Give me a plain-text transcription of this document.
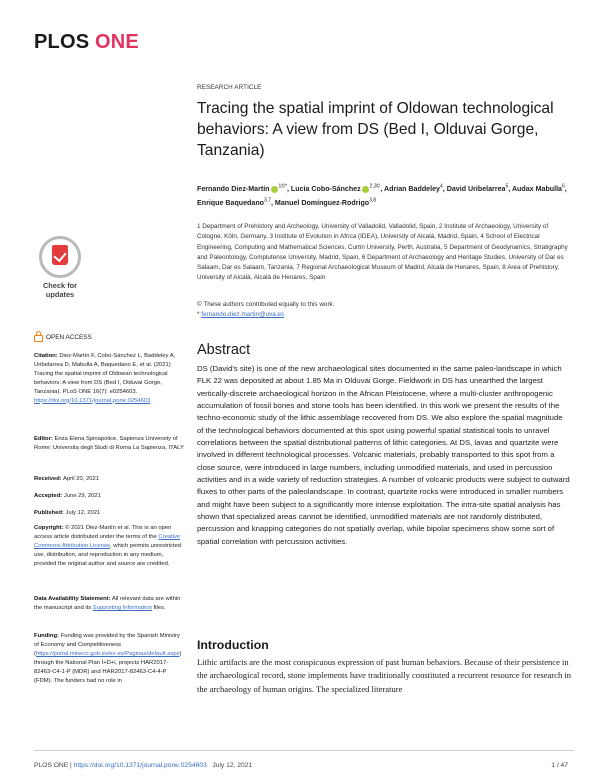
PLOS ONE
RESEARCH ARTICLE
Tracing the spatial imprint of Oldowan technological behaviors: A view from DS (Bed I, Olduvai Gorge, Tanzania)
Fernando Diez-Martín $^{1©*}$, Lucía Cobo-Sánchez $^{2,3©}$, Adrian Baddeley$^4$, David Uribelarrea$^5$, Audax Mabulla$^6$, Enrique Baquedano$^{3,7}$, Manuel Domínguez-Rodrigo$^{3,8}$
1 Department of Prehistory and Archeology, University of Valladolid, Valladolid, Spain, 2 Institute of Archaeology, University of Cologne, Köln, Germany, 3 Institute of Evolution in Africa (IDEA), University of Alcalá, Madrid, Spain, 4 School of Electrical Engineering, Computing and Mathematical Sciences, Curtin University, Perth, Australia, 5 Department of Geodynamics, Stratigraphy and Paleontology, Complutense University, Madrid, Spain, 6 Department of Archaeology and Heritage Studies, University of Dar es Salaam, Dar es Salaam, Tanzania, 7 Regional Archaeological Museum of Madrid, Alcalá de Henares, Spain, 8 Area of Prehistory, University of Alcalá, Alcalá de Henares, Spain
© These authors contributed equally to this work.
* fernando.diez.martin@uva.es
Abstract
DS (David's site) is one of the new archaeological sites documented in the same paleo-landscape in which FLK 22 was deposited at about 1.85 Ma in Olduvai Gorge. Fieldwork in DS has unearthed the largest vertically-discrete archaeological horizon in the African Pleistocene, where a multi-cluster anthropogenic accumulation of fossil bones and stone tools has been identified. In this work we present the results of the techno-economic study of the lithic assemblage recovered from DS. We also explore the spatial magnitude of the technological behaviors documented at this spot using powerful spatial statistical tools to unravel correlations between the spatial distributional patterns of lithic categories. At DS, lavas and quartzite were involved in different technological processes. Volcanic materials, probably transported to this spot from a close source, were introduced in large numbers, including unmodified materials, and used in percussion activities and in a wide variety of reduction strategies. A number of volcanic products were subject to outward fluxes to other parts of the paleolandscape. In contrast, quartzite rocks were introduced in smaller numbers and might have been subject to a significantly more intense exploitation. The intra-site spatial analysis has shown that specialized areas cannot be identified, unmodified materials are not randomly distributed, percussion and knapping categories do not spatially overlap, while bipolar specimens show some sort of spatial correlation with percussion activities.
Introduction
Lithic artifacts are the most conspicuous expression of past human behaviors. Because of their persistence in the archaeological record, stone implements have traditionally constituted a recurrent resource for research in the archaeology of human origins. The specialized literature
Check for
updates
OPEN ACCESS
Citation: Diez-Martín F, Cobo-Sánchez L, Baddeley A, Uribelarrea D, Mabulla A, Baquedano E, et al. (2021) Tracing the spatial imprint of Oldowan technological behaviors: A view from DS (Bed I, Olduvai Gorge, Tanzania). PLoS ONE 16(7): e0254603. https://doi.org/10.1371/journal.pone.0254603
Editor: Enza Elena Spinapolice, Sapienza University of Rome: Universita degli Studi di Roma La Sapienza, ITALY
Received: April 20, 2021
Accepted: June 29, 2021
Published: July 12, 2021
Copyright: © 2021 Diez-Martín et al. This is an open access article distributed under the terms of the Creative Commons Attribution License, which permits unrestricted use, distribution, and reproduction in any medium, provided the original author and source are credited.
Data Availability Statement: All relevant data are within the manuscript and its Supporting Information files.
Funding: Funding was provided by the Spanish Ministry of Economy and Competitiveness (https://portal.mineco.gob.es/es-es/Paginas/default.aspx) through the National Plan I+D+i, projects HAR2017-82463-C4-1-P (MDR) and HAR2017-82463-C4-4-P (FDM). The funders had no role in
PLOS ONE | https://doi.org/10.1371/journal.pone.0254603 July 12, 2021	1 / 47
